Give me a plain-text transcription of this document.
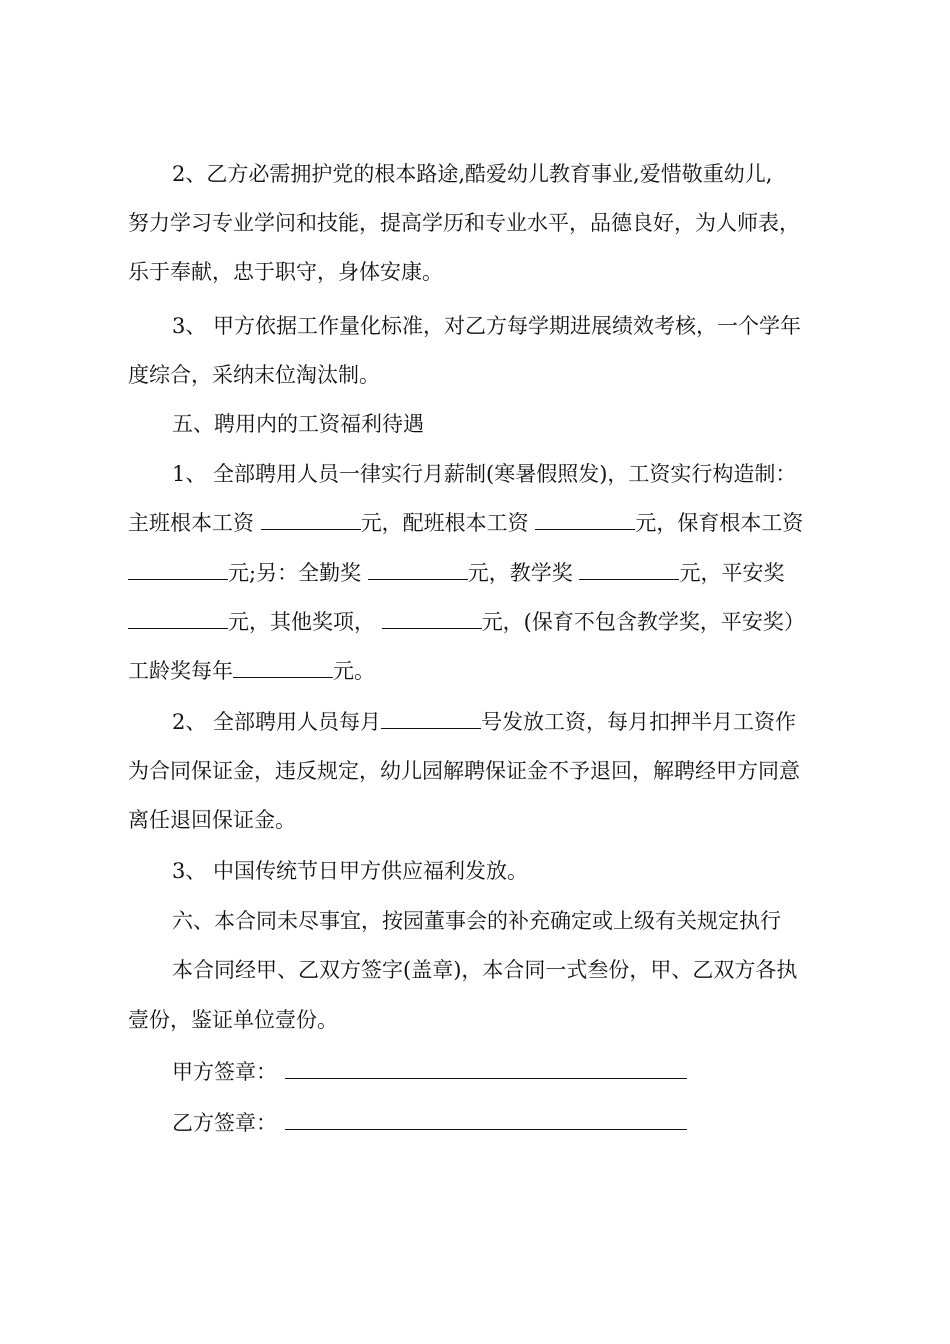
2、乙方必需拥护党的根本路途,酷爱幼儿教育事业,爱惜敬重幼儿,
努力学习专业学问和技能，提高学历和专业水平，品德良好，为人师表，
乐于奉献，忠于职守，身体安康。
3、 甲方依据工作量化标准，对乙方每学期进展绩效考核，一个学年
度综合，采纳末位淘汰制。
五、聘用内的工资福利待遇
1、 全部聘用人员一律实行月薪制(寒暑假照发)，工资实行构造制：
主班根本工资	元，配班根本工资	元，保育根本工资
元;另：全勤奖	元，教学奖	元，平安奖
元，其他奖项，	元，(保育不包含教学奖，平安奖）
工龄奖每年	元。
2、 全部聘用人员每月	号发放工资，每月扣押半月工资作
为合同保证金，违反规定，幼儿园解聘保证金不予退回，解聘经甲方同意
离任退回保证金。
3、 中国传统节日甲方供应福利发放。
六、本合同未尽事宜，按园董事会的补充确定或上级有关规定执行
本合同经甲、乙双方签字(盖章)，本合同一式叁份，甲、乙双方各执
壹份，鉴证单位壹份。
甲方签章：
乙方签章：
